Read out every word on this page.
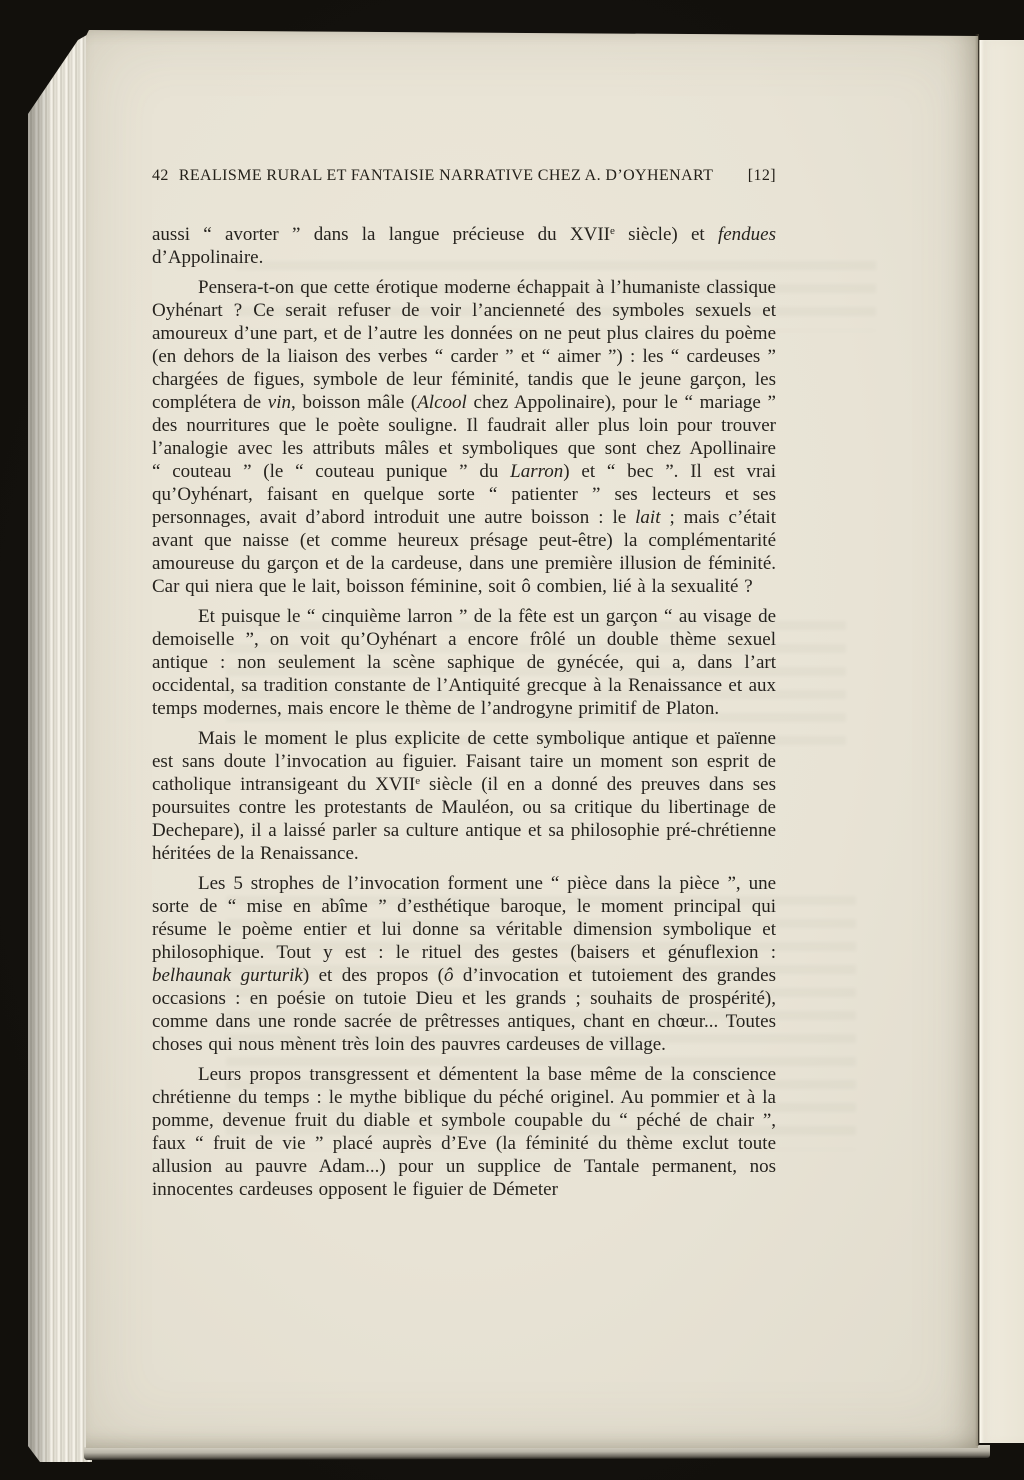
42 REALISME RURAL ET FANTAISIE NARRATIVE CHEZ A. D’OYHENART	[12]

aussi “ avorter ” dans la langue précieuse du XVIIe siècle) et fendues d’Appolinaire.

Pensera-t-on que cette érotique moderne échappait à l’humaniste classique Oyhénart ? Ce serait refuser de voir l’ancienneté des symboles sexuels et amoureux d’une part, et de l’autre les données on ne peut plus claires du poème (en dehors de la liaison des verbes “ carder ” et “ aimer ”) : les “ cardeuses ” chargées de figues, symbole de leur féminité, tandis que le jeune garçon, les complétera de vin, boisson mâle (Alcool chez Appolinaire), pour le “ mariage ” des nourritures que le poète souligne. Il faudrait aller plus loin pour trouver l’analogie avec les attributs mâles et symboliques que sont chez Apollinaire “ couteau ” (le “ couteau punique ” du Larron) et “ bec ”. Il est vrai qu’Oyhénart, faisant en quelque sorte “ patienter ” ses lecteurs et ses personnages, avait d’abord introduit une autre boisson : le lait ; mais c’était avant que naisse (et comme heureux présage peut-être) la complémentarité amoureuse du garçon et de la cardeuse, dans une première illusion de féminité. Car qui niera que le lait, boisson féminine, soit ô combien, lié à la sexualité ?

Et puisque le “ cinquième larron ” de la fête est un garçon “ au visage de demoiselle ”, on voit qu’Oyhénart a encore frôlé un double thème sexuel antique : non seulement la scène saphique de gynécée, qui a, dans l’art occidental, sa tradition constante de l’Antiquité grecque à la Renaissance et aux temps modernes, mais encore le thème de l’androgyne primitif de Platon.

Mais le moment le plus explicite de cette symbolique antique et païenne est sans doute l’invocation au figuier. Faisant taire un moment son esprit de catholique intransigeant du XVIIe siècle (il en a donné des preuves dans ses poursuites contre les protestants de Mauléon, ou sa critique du libertinage de Dechepare), il a laissé parler sa culture antique et sa philosophie pré-chrétienne héritées de la Renaissance.

Les 5 strophes de l’invocation forment une “ pièce dans la pièce ”, une sorte de “ mise en abîme ” d’esthétique baroque, le moment principal qui résume le poème entier et lui donne sa véritable dimension symbolique et philosophique. Tout y est : le rituel des gestes (baisers et génuflexion : belhaunak gurturik) et des propos (ô d’invocation et tutoiement des grandes occasions : en poésie on tutoie Dieu et les grands ; souhaits de prospérité), comme dans une ronde sacrée de prêtresses antiques, chant en chœur... Toutes choses qui nous mènent très loin des pauvres cardeuses de village.

Leurs propos transgressent et démentent la base même de la conscience chrétienne du temps : le mythe biblique du péché originel. Au pommier et à la pomme, devenue fruit du diable et symbole coupable du “ péché de chair ”, faux “ fruit de vie ” placé auprès d’Eve (la féminité du thème exclut toute allusion au pauvre Adam...) pour un supplice de Tantale permanent, nos innocentes cardeuses opposent le figuier de Démeter
